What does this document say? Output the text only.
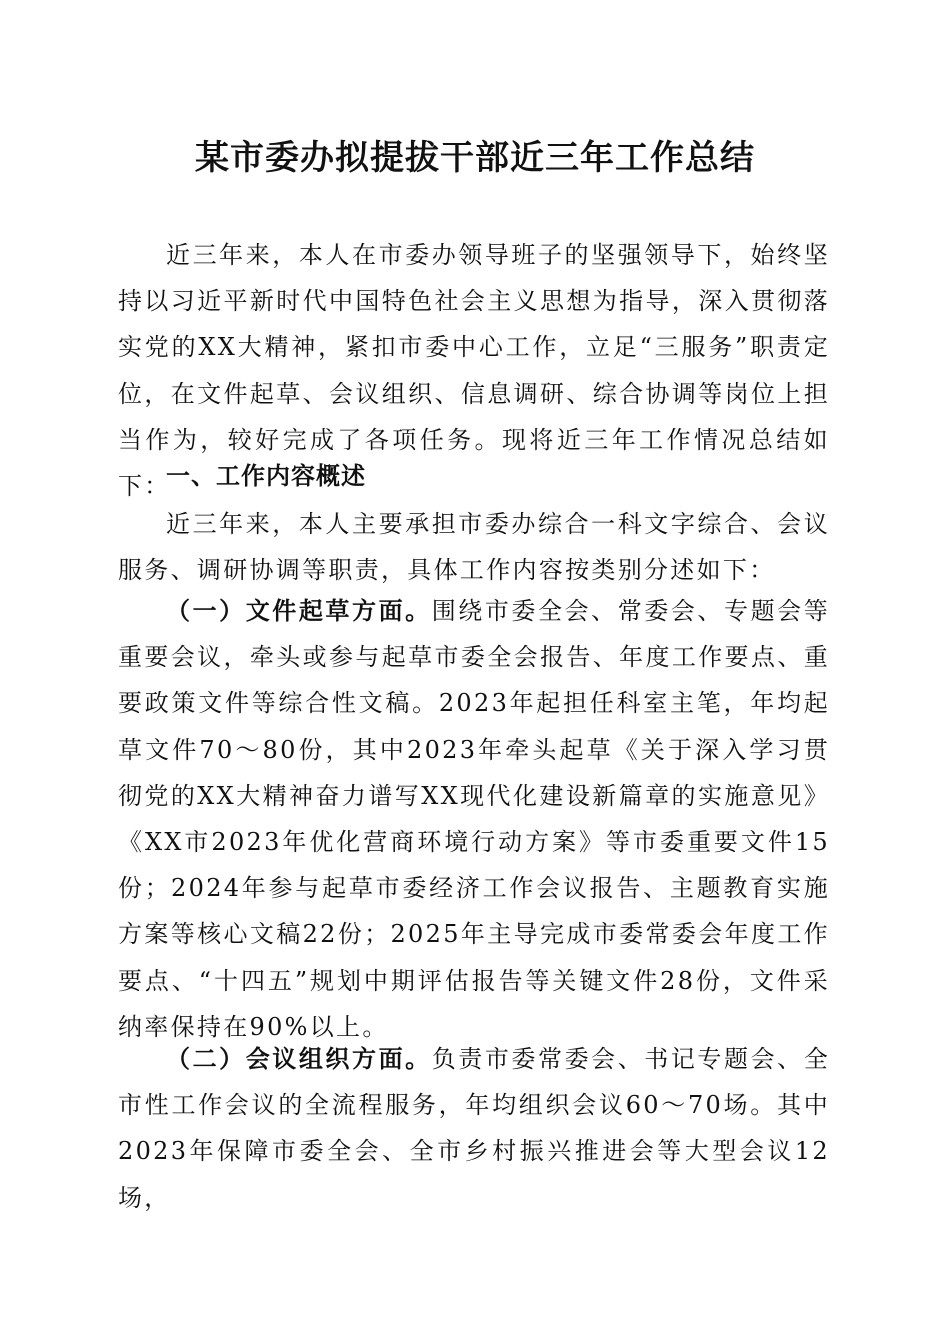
某市委办拟提拔干部近三年工作总结

近三年来，本人在市委办领导班子的坚强领导下，始终坚持以习近平新时代中国特色社会主义思想为指导，深入贯彻落实党的XX大精神，紧扣市委中心工作，立足“三服务”职责定位，在文件起草、会议组织、信息调研、综合协调等岗位上担当作为，较好完成了各项任务。现将近三年工作情况总结如下：

一、工作内容概述

近三年来，本人主要承担市委办综合一科文字综合、会议服务、调研协调等职责，具体工作内容按类别分述如下：

（一）文件起草方面。围绕市委全会、常委会、专题会等重要会议，牵头或参与起草市委全会报告、年度工作要点、重要政策文件等综合性文稿。2023年起担任科室主笔，年均起草文件70～80份，其中2023年牵头起草《关于深入学习贯彻党的XX大精神奋力谱写XX现代化建设新篇章的实施意见》《XX市2023年优化营商环境行动方案》等市委重要文件15份；2024年参与起草市委经济工作会议报告、主题教育实施方案等核心文稿22份；2025年主导完成市委常委会年度工作要点、“十四五”规划中期评估报告等关键文件28份，文件采纳率保持在90%以上。

（二）会议组织方面。负责市委常委会、书记专题会、全市性工作会议的全流程服务，年均组织会议60～70场。其中2023年保障市委全会、全市乡村振兴推进会等大型会议12场，
